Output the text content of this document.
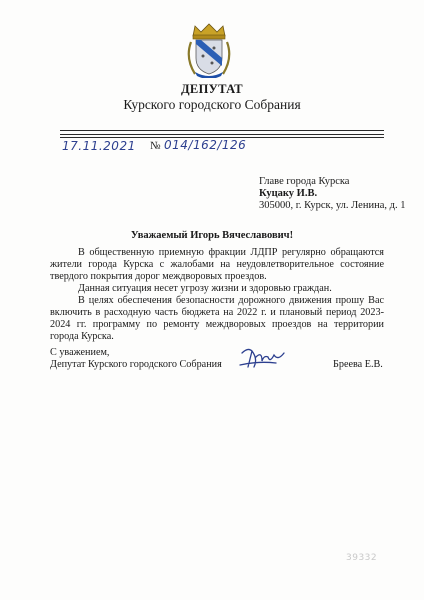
ДЕПУТАТ
Курского городского Собрания
17.11.2021 № 014/162/126
Главе города Курска
Куцаку И.В.
305000, г. Курск, ул. Ленина, д. 1
Уважаемый Игорь Вячеславович!

В общественную приемную фракции ЛДПР регулярно обращаются жители города Курска с жалобами на неудовлетворительное состояние твердого покрытия дорог междворовых проездов.

Данная ситуация несет угрозу жизни и здоровью граждан.

В целях обеспечения безопасности дорожного движения прошу Вас включить в расходную часть бюджета на 2022 г. и плановый период 2023-2024 гг. программу по ремонту междворовых проездов на территории города Курска.

С уважением,
Депутат Курского городского Собрания	Бреева Е.В.
39332
